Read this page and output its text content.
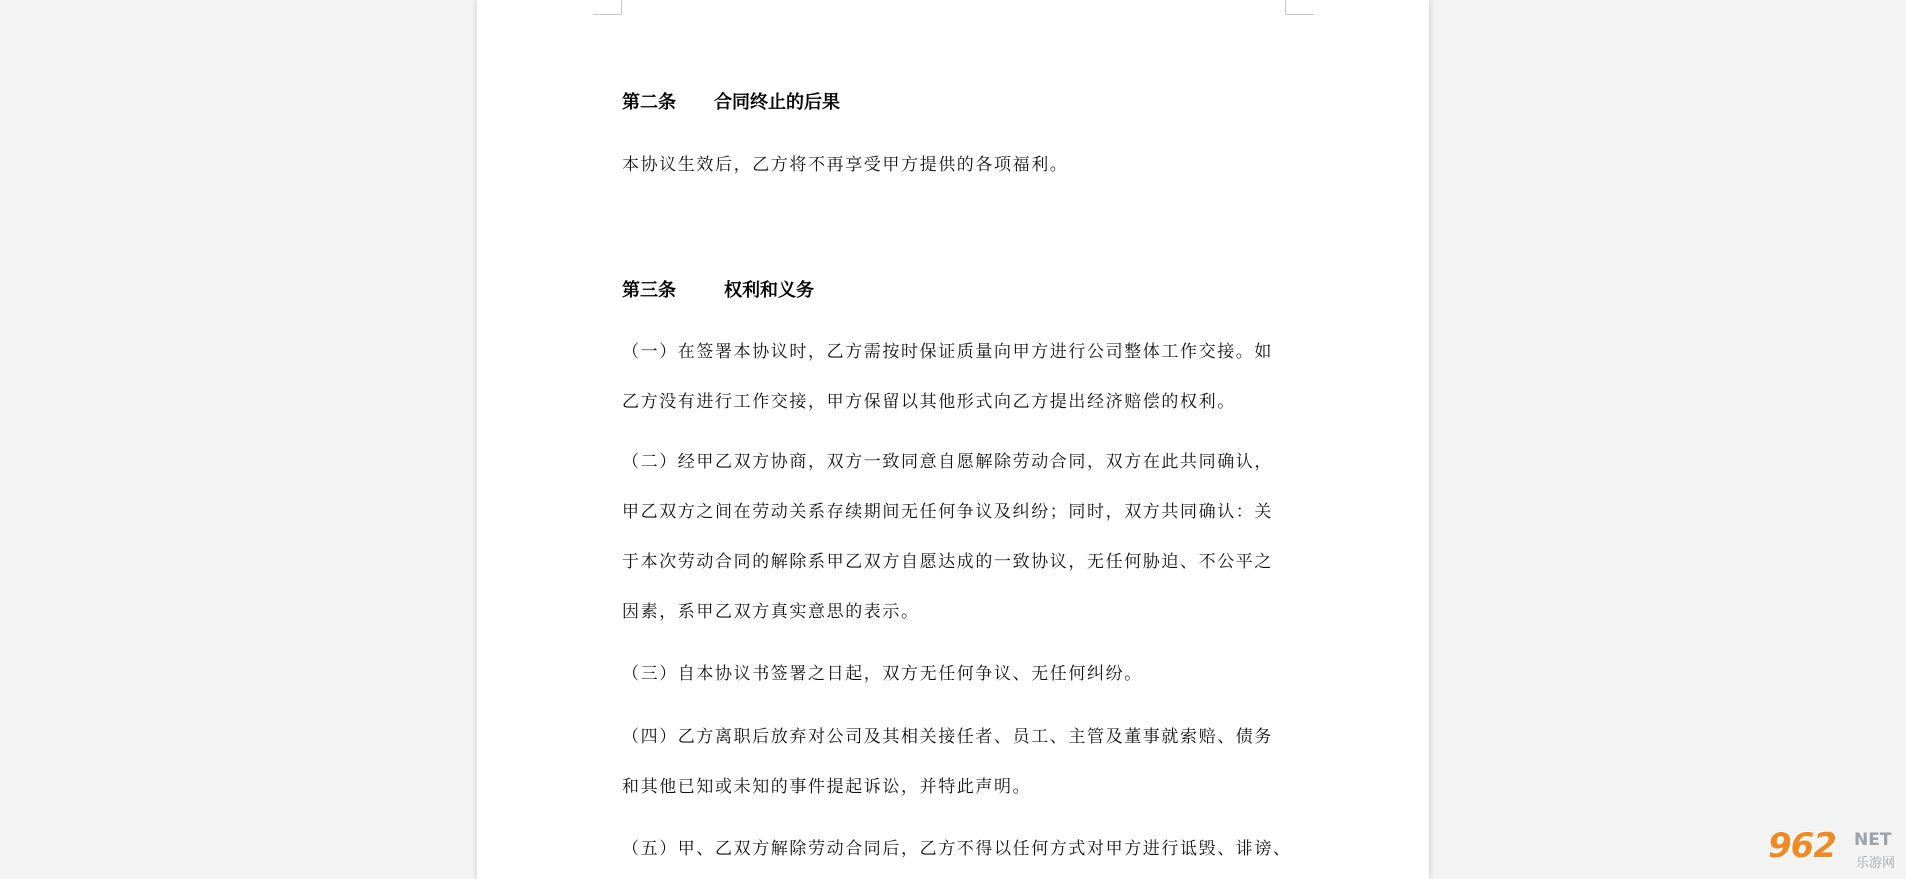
第二条 合同终止的后果
本协议生效后，乙方将不再享受甲方提供的各项福利。
第三条	权利和义务
（一）在签署本协议时，乙方需按时保证质量向甲方进行公司整体工作交接。如
乙方没有进行工作交接，甲方保留以其他形式向乙方提出经济赔偿的权利。
（二）经甲乙双方协商，双方一致同意自愿解除劳动合同，双方在此共同确认，
甲乙双方之间在劳动关系存续期间无任何争议及纠纷；同时，双方共同确认：关
于本次劳动合同的解除系甲乙双方自愿达成的一致协议，无任何胁迫、不公平之
因素，系甲乙双方真实意思的表示。
（三）自本协议书签署之日起，双方无任何争议、无任何纠纷。
（四）乙方离职后放弃对公司及其相关接任者、员工、主管及董事就索赔、债务
和其他已知或未知的事件提起诉讼，并特此声明。
（五）甲、乙双方解除劳动合同后，乙方不得以任何方式对甲方进行诋毁、诽谤、	962 NET
乐游网
